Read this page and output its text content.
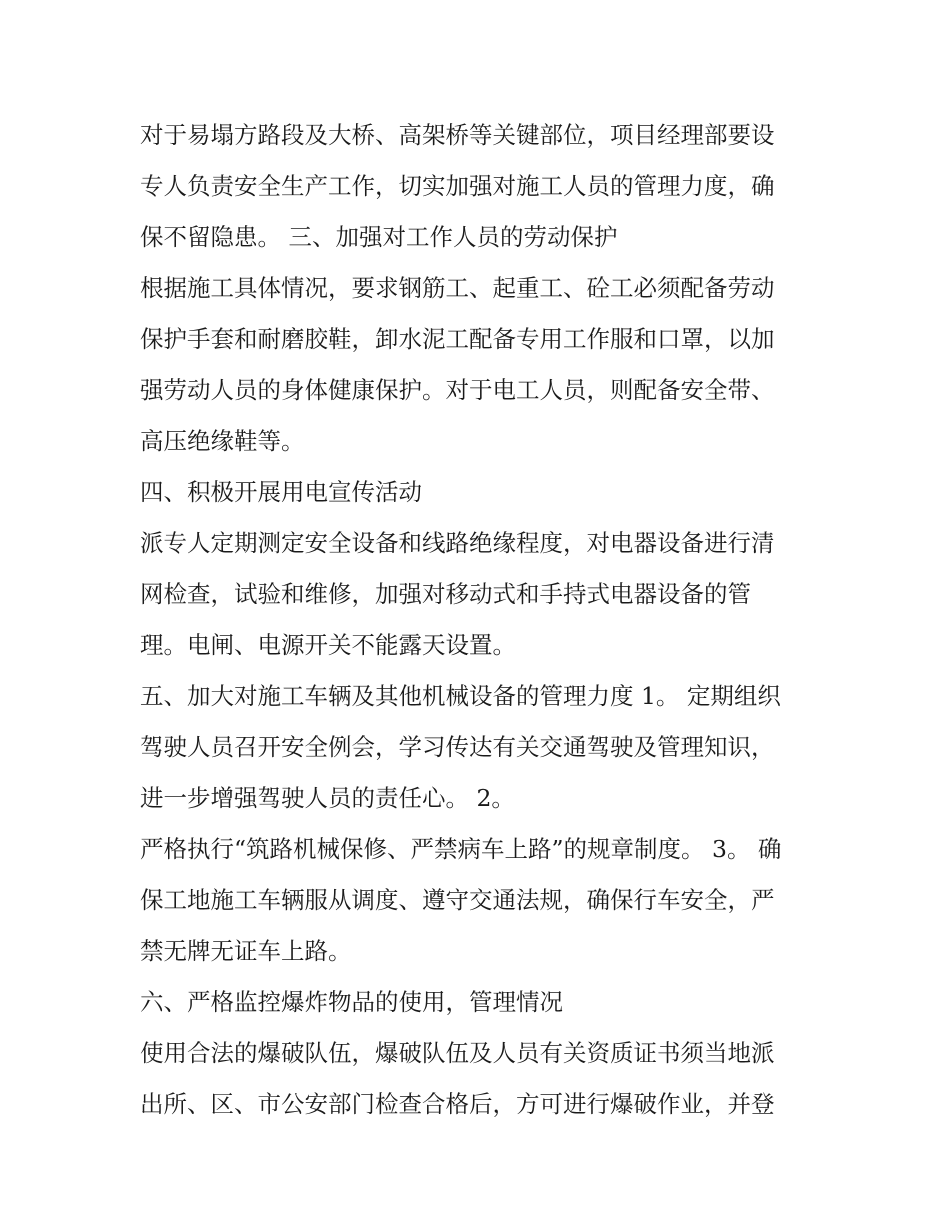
对于易塌方路段及大桥、高架桥等关键部位，项目经理部要设
专人负责安全生产工作，切实加强对施工人员的管理力度，确
保不留隐患。 三、加强对工作人员的劳动保护
根据施工具体情况，要求钢筋工、起重工、砼工必须配备劳动
保护手套和耐磨胶鞋，卸水泥工配备专用工作服和口罩，以加
强劳动人员的身体健康保护。对于电工人员，则配备安全带、
高压绝缘鞋等。
四、积极开展用电宣传活动
派专人定期测定安全设备和线路绝缘程度，对电器设备进行清
网检查，试验和维修，加强对移动式和手持式电器设备的管
理。电闸、电源开关不能露天设置。
五、加大对施工车辆及其他机械设备的管理力度 1。 定期组织
驾驶人员召开安全例会，学习传达有关交通驾驶及管理知识，
进一步增强驾驶人员的责任心。 2。
严格执行“筑路机械保修、严禁病车上路”的规章制度。 3。 确
保工地施工车辆服从调度、遵守交通法规，确保行车安全，严
禁无牌无证车上路。
六、严格监控爆炸物品的使用，管理情况
使用合法的爆破队伍，爆破队伍及人员有关资质证书须当地派
出所、区、市公安部门检查合格后，方可进行爆破作业，并登
